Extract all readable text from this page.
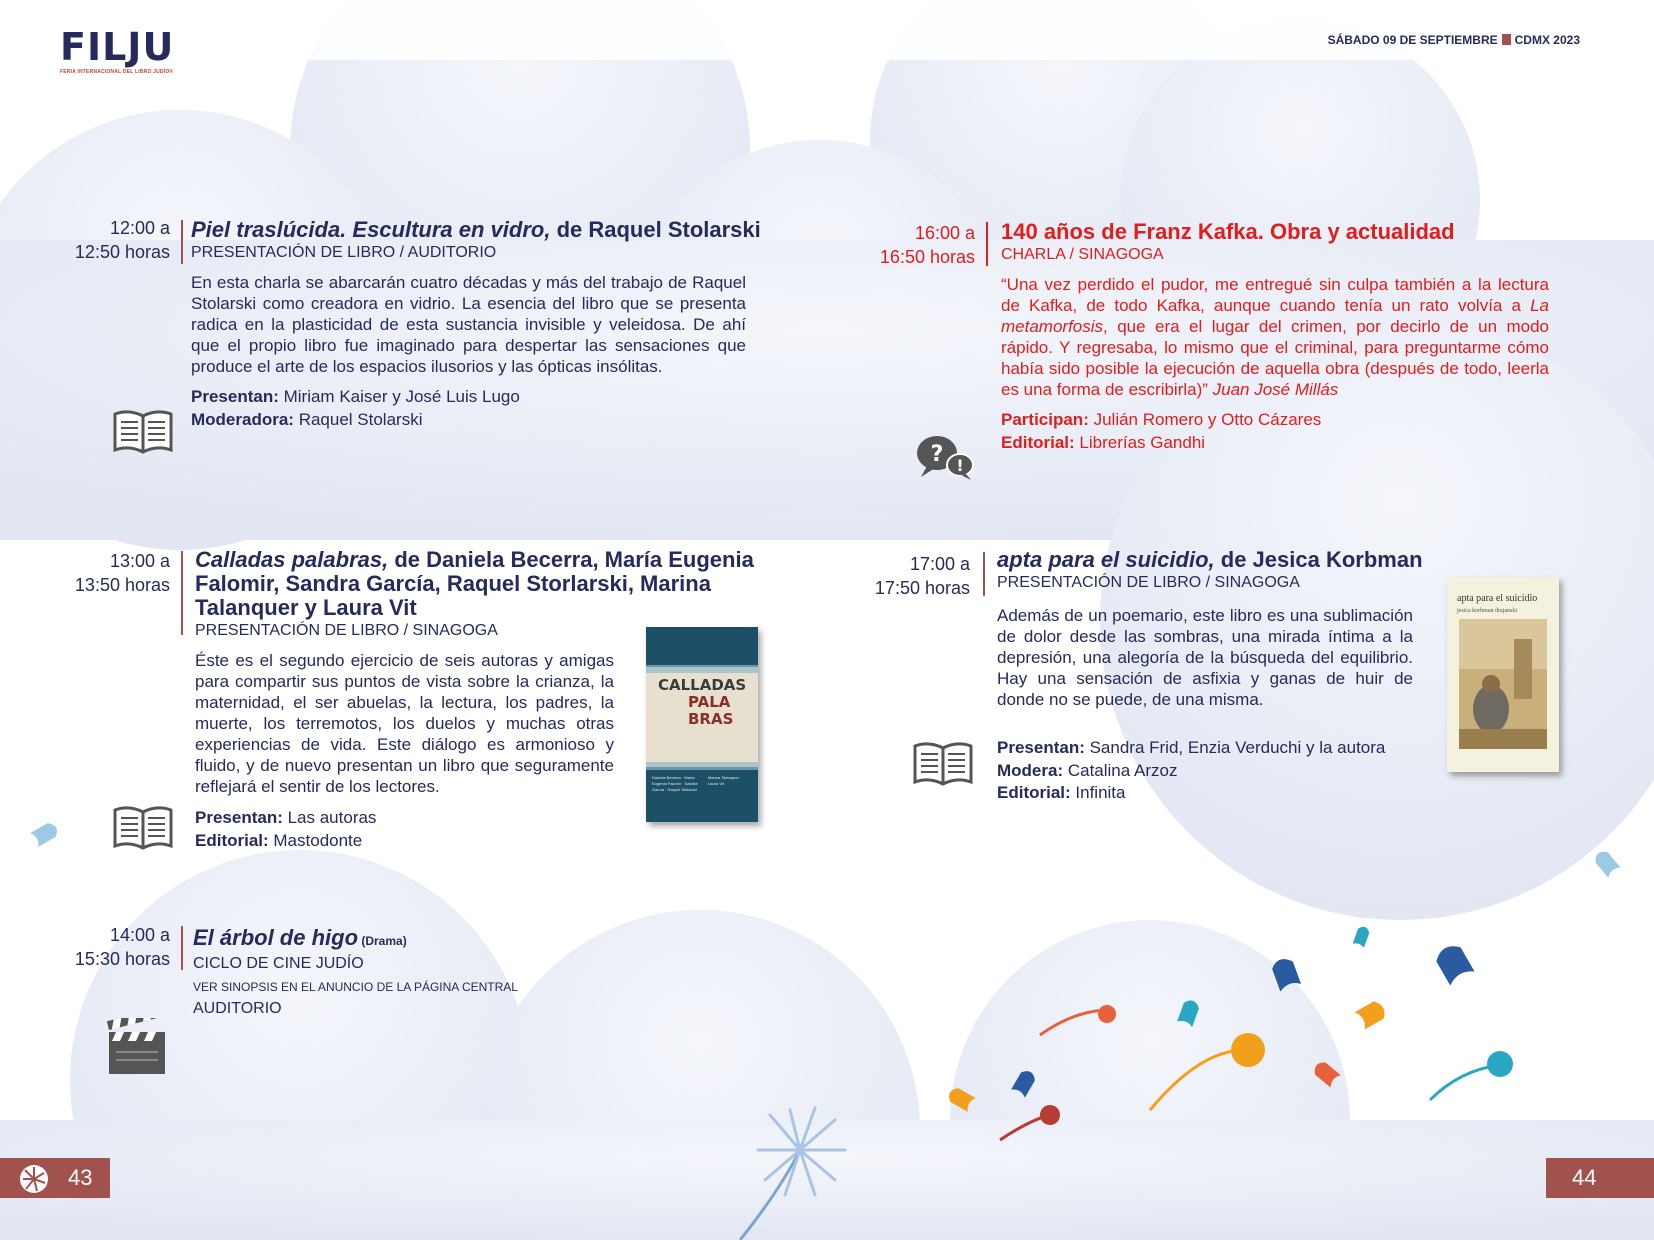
FILJU
FERIA INTERNACIONAL DEL LIBRO JUDÍO®
SÁBADO 09 DE SEPTIEMBRE CDMX 2023
12:00 a
12:50 horas
Piel traslúcida. Escultura en vidro, de Raquel Stolarski
PRESENTACIÓN DE LIBRO / AUDITORIO
En esta charla se abarcarán cuatro décadas y más del trabajo de Raquel Stolarski como creadora en vidrio. La esencia del libro que se presenta radica en la plasticidad de esta sustancia invisible y veleidosa. De ahí que el propio libro fue imaginado para despertar las sensaciones que produce el arte de los espacios ilusorios y las ópticas insólitas.
Presentan: Miriam Kaiser y José Luis Lugo
Moderadora: Raquel Stolarski
16:00 a
16:50 horas
140 años de Franz Kafka. Obra y actualidad
CHARLA / SINAGOGA
“Una vez perdido el pudor, me entregué sin culpa también a la lectura de Kafka, de todo Kafka, aunque cuando tenía un rato volvía a La metamorfosis, que era el lugar del crimen, por decirlo de un modo rápido. Y regresaba, lo mismo que el criminal, para preguntarme cómo había sido posible la ejecución de aquella obra (después de todo, leerla es una forma de escribirla)” Juan José Millás
Participan: Julián Romero y Otto Cázares
Editorial: Librerías Gandhi
? !
13:00 a
13:50 horas
Calladas palabras, de Daniela Becerra, María Eugenia Falomir, Sandra García, Raquel Storlarski, Marina Talanquer y Laura Vit
PRESENTACIÓN DE LIBRO / SINAGOGA
Éste es el segundo ejercicio de seis autoras y amigas para compartir sus puntos de vista sobre la crianza, la maternidad, el ser abuelas, la lectura, los padres, la muerte, los terremotos, los duelos y muchas otras experiencias de vida. Este diálogo es armonioso y fluido, y de nuevo presentan un libro que seguramente reflejará el sentir de los lectores.
Presentan: Las autoras
Editorial: Mastodonte
CALLADAS
PALA
BRAS
Daniela Becerra · María Eugenia Falomir · Sandra García · Raquel Stolarski
Marina Talanquer · Laura Vit
17:00 a
17:50 horas
apta para el suicidio, de Jesica Korbman
PRESENTACIÓN DE LIBRO / SINAGOGA
Además de un poemario, este libro es una sublimación de dolor desde las sombras, una mirada íntima a la depresión, una alegoría de la búsqueda del equilibrio. Hay una sensación de asfixia y ganas de huir de donde no se puede, de una misma.
Presentan: Sandra Frid, Enzia Verduchi y la autora
Modera: Catalina Arzoz
Editorial: Infinita
apta para el suicidio
jesica korbman drajanski
14:00 a
15:30 horas
El árbol de higo (Drama)
CICLO DE CINE JUDÍO
VER SINOPSIS EN EL ANUNCIO DE LA PÁGINA CENTRAL
AUDITORIO
43	44
